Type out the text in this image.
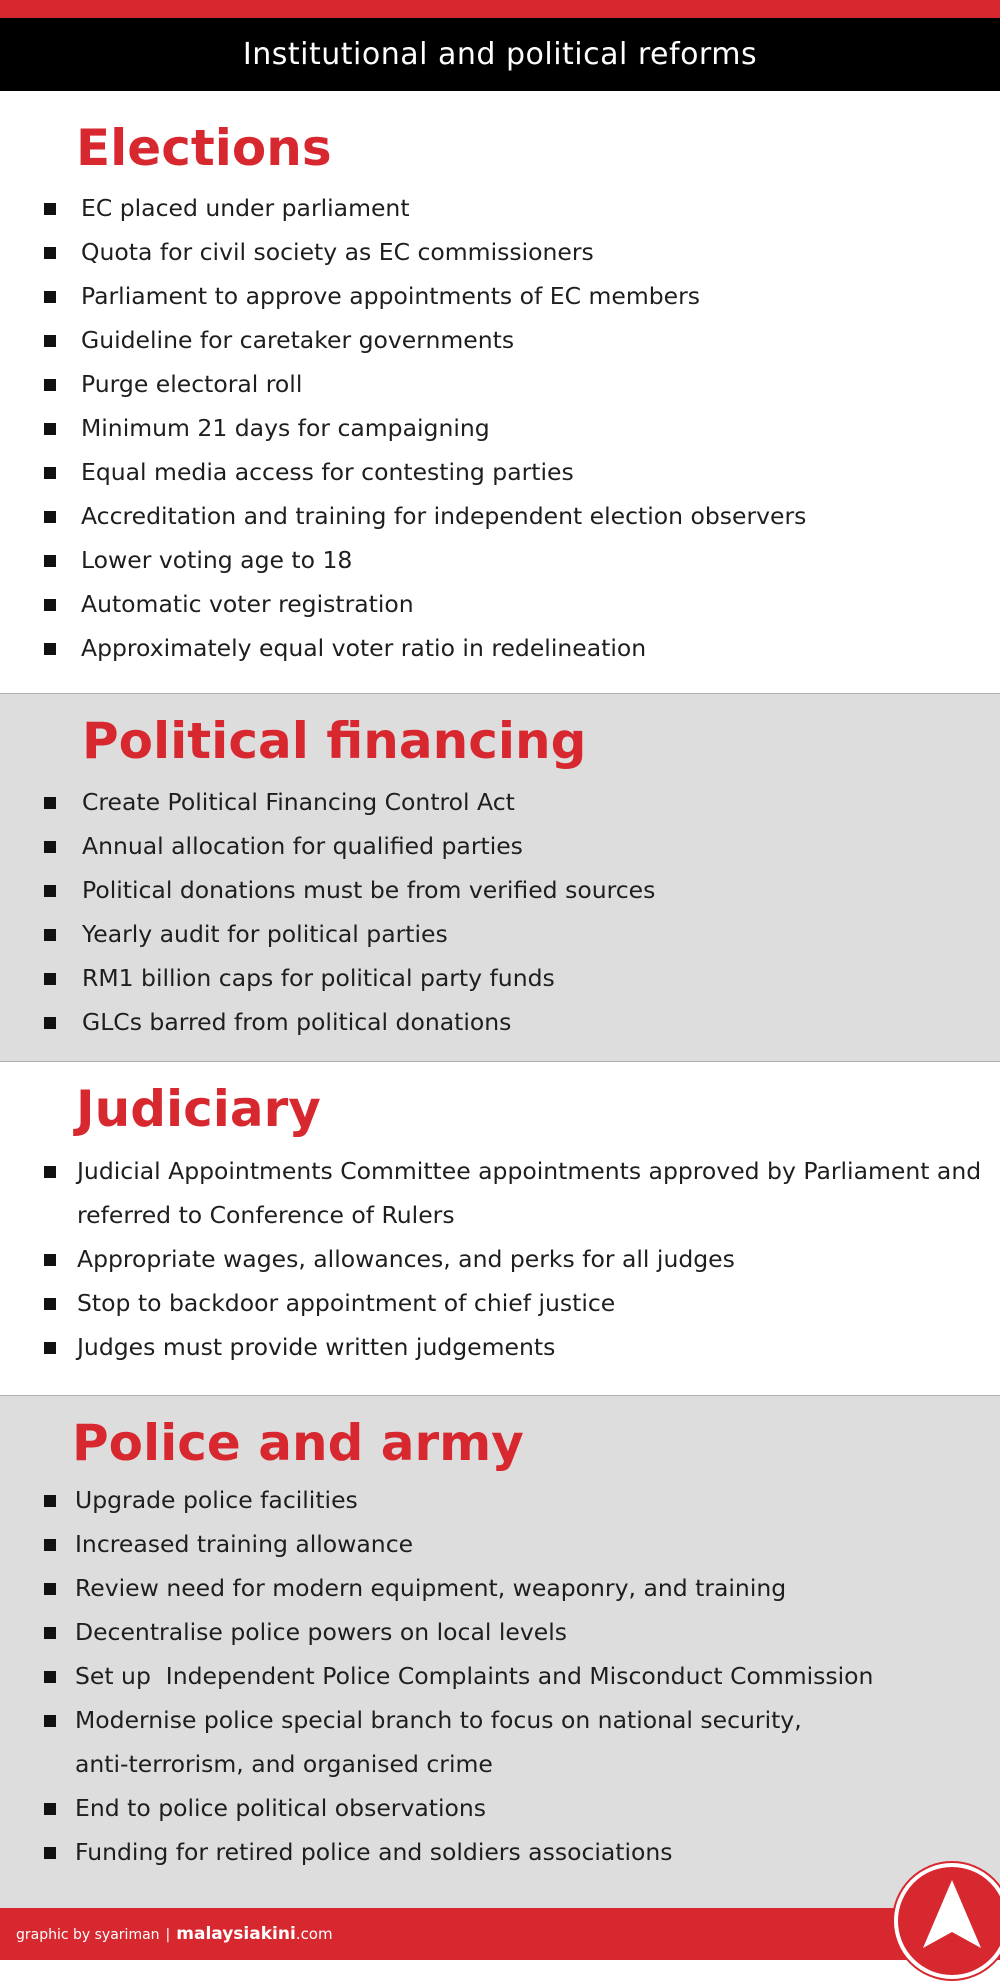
Institutional and political reforms
Elections
EC placed under parliament
Quota for civil society as EC commissioners
Parliament to approve appointments of EC members
Guideline for caretaker governments
Purge electoral roll
Minimum 21 days for campaigning
Equal media access for contesting parties
Accreditation and training for independent election observers
Lower voting age to 18
Automatic voter registration
Approximately equal voter ratio in redelineation
Political financing
Create Political Financing Control Act
Annual allocation for qualified parties
Political donations must be from verified sources
Yearly audit for political parties
RM1 billion caps for political party funds
GLCs barred from political donations
Judiciary
Judicial Appointments Committee appointments approved by Parliament and
referred to Conference of Rulers
Appropriate wages, allowances, and perks for all judges
Stop to backdoor appointment of chief justice
Judges must provide written judgements
Police and army
Upgrade police facilities
Increased training allowance
Review need for modern equipment, weaponry, and training
Decentralise police powers on local levels
Set up  Independent Police Complaints and Misconduct Commission
Modernise police special branch to focus on national security,
anti-terrorism, and organised crime
End to police political observations
Funding for retired police and soldiers associations
graphic by syariman | malaysiakini.com
